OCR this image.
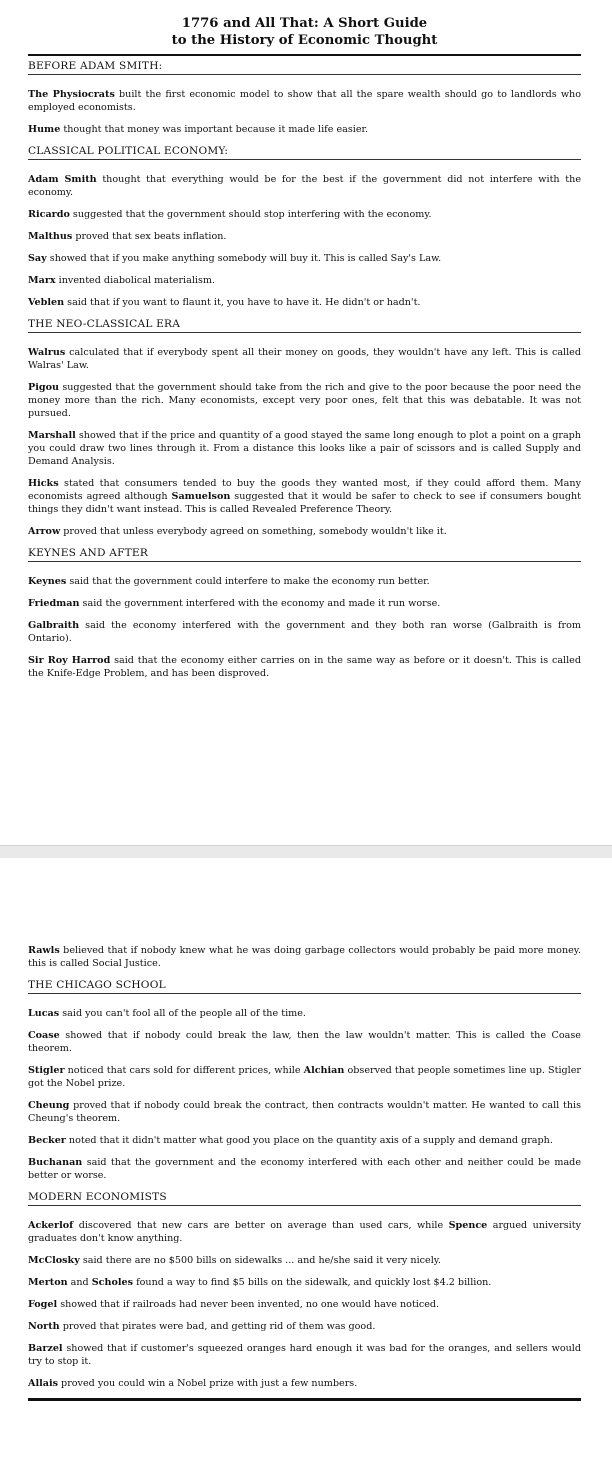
1776 and All That: A Short Guide
to the History of Economic Thought

BEFORE ADAM SMITH:

The Physiocrats built the first economic model to show that all the spare wealth should go to landlords who employed economists.

Hume thought that money was important because it made life easier.

CLASSICAL POLITICAL ECONOMY:

Adam Smith thought that everything would be for the best if the government did not interfere with the economy.

Ricardo suggested that the government should stop interfering with the economy.

Malthus proved that sex beats inflation.

Say showed that if you make anything somebody will buy it. This is called Say's Law.

Marx invented diabolical materialism.

Veblen said that if you want to flaunt it, you have to have it. He didn't or hadn't.

THE NEO-CLASSICAL ERA

Walrus calculated that if everybody spent all their money on goods, they wouldn't have any left. This is called Walras' Law.

Pigou suggested that the government should take from the rich and give to the poor because the poor need the money more than the rich. Many economists, except very poor ones, felt that this was debatable. It was not pursued.

Marshall showed that if the price and quantity of a good stayed the same long enough to plot a point on a graph you could draw two lines through it. From a distance this looks like a pair of scissors and is called Supply and Demand Analysis.

Hicks stated that consumers tended to buy the goods they wanted most, if they could afford them. Many economists agreed although Samuelson suggested that it would be safer to check to see if consumers bought things they didn't want instead. This is called Revealed Preference Theory.

Arrow proved that unless everybody agreed on something, somebody wouldn't like it.

KEYNES AND AFTER

Keynes said that the government could interfere to make the economy run better.

Friedman said the government interfered with the economy and made it run worse.

Galbraith said the economy interfered with the government and they both ran worse (Galbraith is from Ontario).

Sir Roy Harrod said that the economy either carries on in the same way as before or it doesn't. This is called the Knife-Edge Problem, and has been disproved.

Rawls believed that if nobody knew what he was doing garbage collectors would probably be paid more money. this is called Social Justice.

THE CHICAGO SCHOOL

Lucas said you can't fool all of the people all of the time.

Coase showed that if nobody could break the law, then the law wouldn't matter. This is called the Coase theorem.

Stigler noticed that cars sold for different prices, while Alchian observed that people sometimes line up. Stigler got the Nobel prize.

Cheung proved that if nobody could break the contract, then contracts wouldn't matter. He wanted to call this Cheung's theorem.

Becker noted that it didn't matter what good you place on the quantity axis of a supply and demand graph.

Buchanan said that the government and the economy interfered with each other and neither could be made better or worse.

MODERN ECONOMISTS

Ackerlof discovered that new cars are better on average than used cars, while Spence argued university graduates don't know anything.

McClosky said there are no $500 bills on sidewalks ... and he/she said it very nicely.

Merton and Scholes found a way to find $5 bills on the sidewalk, and quickly lost $4.2 billion.

Fogel showed that if railroads had never been invented, no one would have noticed.

North proved that pirates were bad, and getting rid of them was good.

Barzel showed that if customer's squeezed oranges hard enough it was bad for the oranges, and sellers would try to stop it.

Allais proved you could win a Nobel prize with just a few numbers.
